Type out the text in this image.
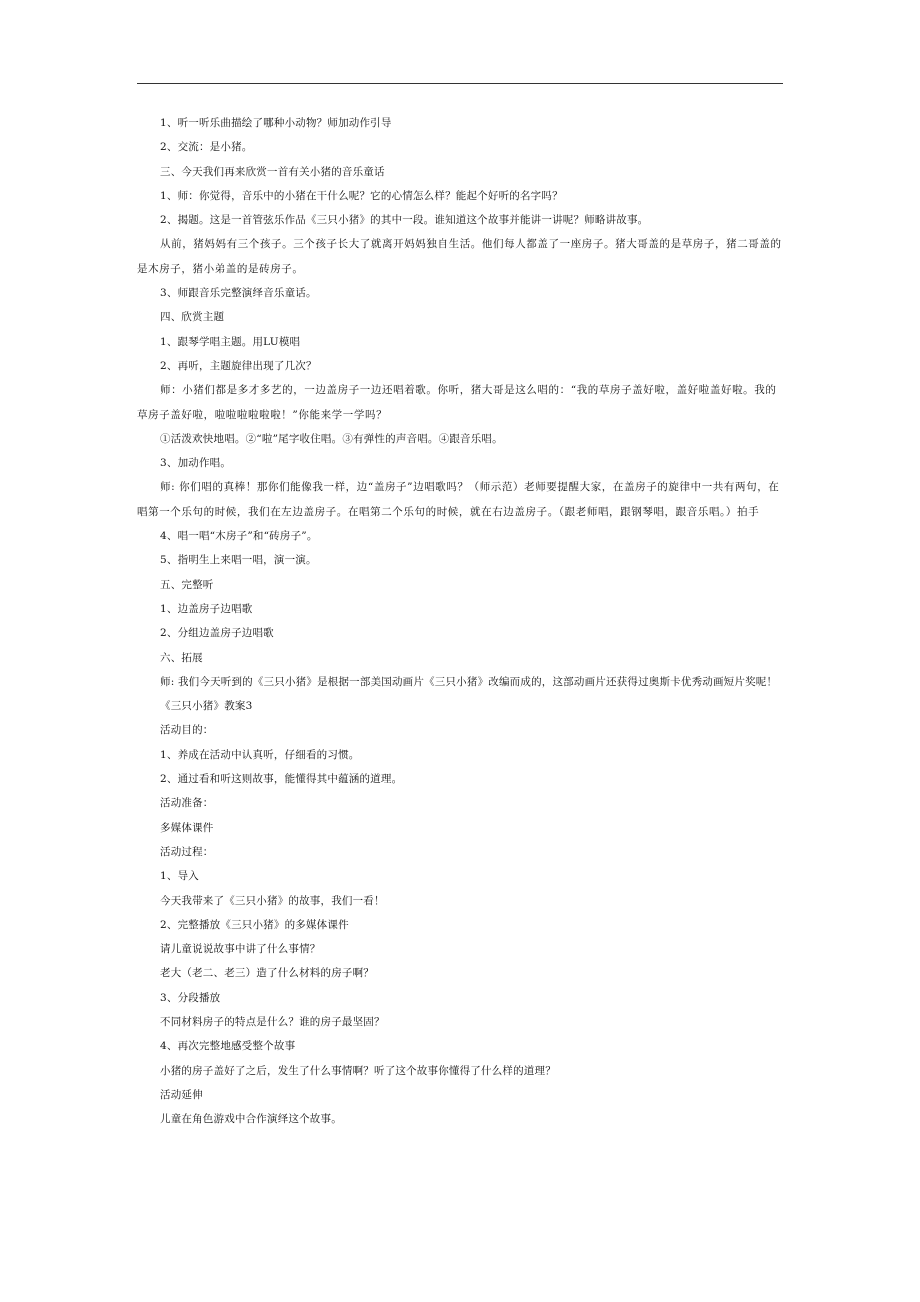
1、听一听乐曲描绘了哪种小动物？师加动作引导
2、交流：是小猪。
三、今天我们再来欣赏一首有关小猪的音乐童话
1、师：你觉得，音乐中的小猪在干什么呢？它的心情怎么样？能起个好听的名字吗？
2、揭题。这是一首管弦乐作品《三只小猪》的其中一段。谁知道这个故事并能讲一讲呢？师略讲故事。
从前，猪妈妈有三个孩子。三个孩子长大了就离开妈妈独自生活。他们每人都盖了一座房子。猪大哥盖的是草房子，猪二哥盖的是木房子，猪小弟盖的是砖房子。
3、师跟音乐完整演绎音乐童话。
四、欣赏主题
1、跟琴学唱主题。用LU模唱
2、再听，主题旋律出现了几次？
师：小猪们都是多才多艺的，一边盖房子一边还唱着歌。你听，猪大哥是这么唱的：“我的草房子盖好啦，盖好啦盖好啦。我的草房子盖好啦，啦啦啦啦啦啦！”你能来学一学吗？
①活泼欢快地唱。②“啦”尾字收住唱。③有弹性的声音唱。④跟音乐唱。
3、加动作唱。
师: 你们唱的真棒！那你们能像我一样，边“盖房子”边唱歌吗？（师示范）老师要提醒大家，在盖房子的旋律中一共有两句，在唱第一个乐句的时候，我们在左边盖房子。在唱第二个乐句的时候，就在右边盖房子。（跟老师唱，跟钢琴唱，跟音乐唱。）拍手
4、唱一唱“木房子”和“砖房子”。
5、指明生上来唱一唱，演一演。
五、完整听
1、边盖房子边唱歌
2、分组边盖房子边唱歌
六、拓展
师: 我们今天听到的《三只小猪》是根据一部美国动画片《三只小猪》改编而成的，这部动画片还获得过奥斯卡优秀动画短片奖呢！
《三只小猪》教案3
活动目的：
1、养成在活动中认真听，仔细看的习惯。
2、通过看和听这则故事，能懂得其中蕴涵的道理。
活动准备：
多媒体课件
活动过程：
1、导入
今天我带来了《三只小猪》的故事，我们一看！
2、完整播放《三只小猪》的多媒体课件
请儿童说说故事中讲了什么事情？
老大（老二、老三）造了什么材料的房子啊？
3、分段播放
不同材料房子的特点是什么？谁的房子最坚固？
4、再次完整地感受整个故事
小猪的房子盖好了之后，发生了什么事情啊？听了这个故事你懂得了什么样的道理？
活动延伸
儿童在角色游戏中合作演绎这个故事。
